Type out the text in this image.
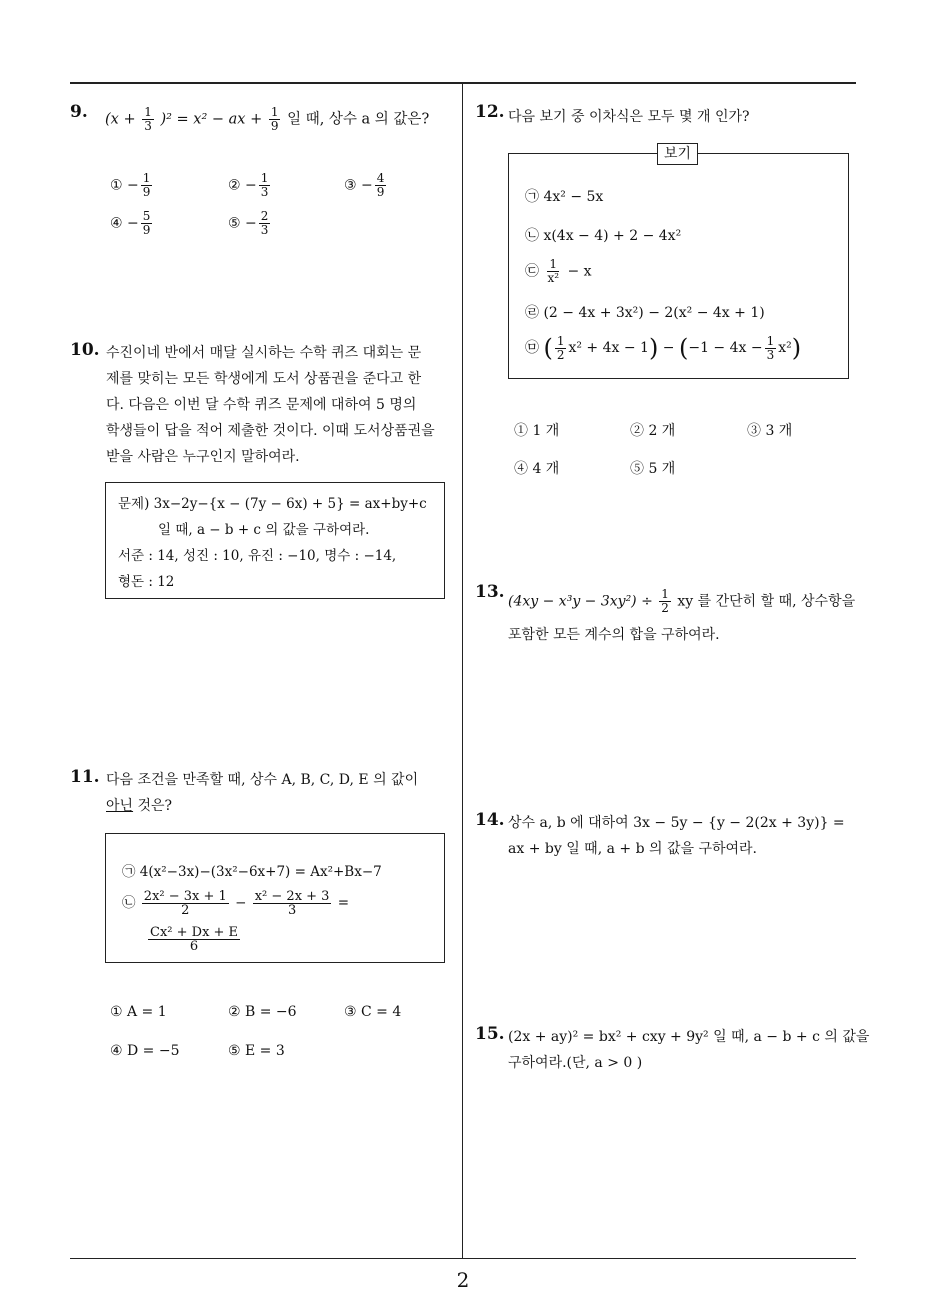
2
9. $(x + \frac{1}{3} )^2 = x^2$ − ax + $\frac{1}{9}$ 일 때, 상수 a 의 값은?
① − $\frac{1}{9}$	② − $\frac{1}{3}$	③ − $\frac{4}{9}$
④ − $\frac{5}{9}$	⑤ − $\frac{2}{3}$
10. 수진이네 반에서 매달 실시하는 수학 퀴즈 대회는 문
제를 맞히는 모든 학생에게 도서 상품권을 준다고 한
다. 다음은 이번 달 수학 퀴즈 문제에 대하여 5 명의
학생들이 답을 적어 제출한 것이다. 이때 도서상품권을
받을 사람은 누구인지 말하여라.
문제) 3x−2y−{x − (7y − 6x) + 5} = ax+by+c
일 때, a − b + c 의 값을 구하여라.
서준 : 14, 성진 : 10, 유진 : −10, 명수 : −14,
형돈 : 12
11. 다음 조건을 만족할 때, 상수 A, B, C, D, E 의 값이
아닌 것은?
㉠ 4(x²−3x)−(3x²−6x+7) = Ax²+Bx−7
㉡ $\frac{\text{2x² − 3x + 1}}{2} - \frac{\text{x² − 2x + 3}}{3}$ =
$\frac{\text{Cx² + Dx + E}}{6}$
① A = 1	② B = −6	③ C = 4
④ D = −5	⑤ E = 3
12. 다음 보기 중 이차식은 모두 몇 개 인가?
보기
㉠ 4x² − 5x
㉡ x(4x − 4) + 2 − 4x²
㉢ $\frac{1}{\text{x²}} - x$
㉣ (2 − 4x + 3x²) − 2(x² − 4x + 1)
㉤ ( $\frac{1}{2} x^2 + 4x - 1) - (-1 - 4x - \frac{1}{3} x^2)$
① 1 개	② 2 개	③ 3 개
④ 4 개	⑤ 5 개
13. $(4xy - x^3y - 3xy^2) \div \frac{1}{2}$ xy 를 간단히 할 때, 상수항을
포함한 모든 계수의 합을 구하여라.
14. 상수 a, b 에 대하여 3x − 5y − {y − 2(2x + 3y)} =
ax + by 일 때, a + b 의 값을 구하여라.
15. (2x + ay)² = bx² + cxy + 9y² 일 때, a − b + c 의 값을
구하여라.(단, a > 0 )
